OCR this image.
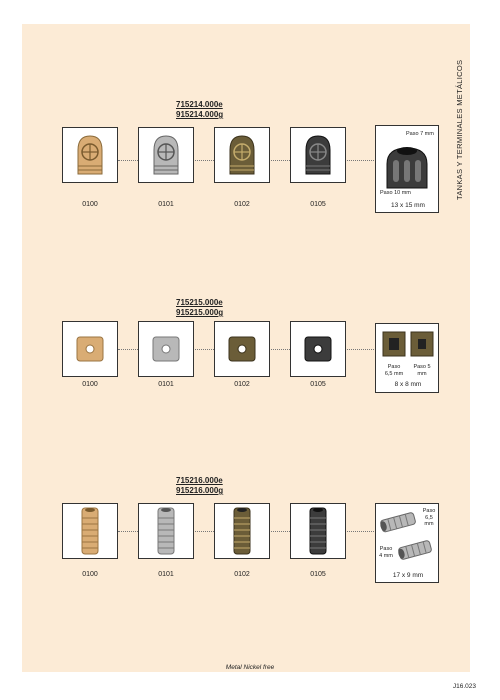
TANKAS Y TERMINALES METÁLICOS
715214.000e
915214.000g
0100	0101	0102	0105
Paso 7 mm
Paso 10 mm
13 x 15 mm
715215.000e
915215.000g
0100	0101	0102	0105
Paso 6,5 mm
Paso 5 mm
8 x 8 mm
715216.000e
915216.000g
0100	0101	0102	0105
Paso 6,5 mm
Paso 4 mm
17 x 9 mm
Metal Nickel free
J16.023
